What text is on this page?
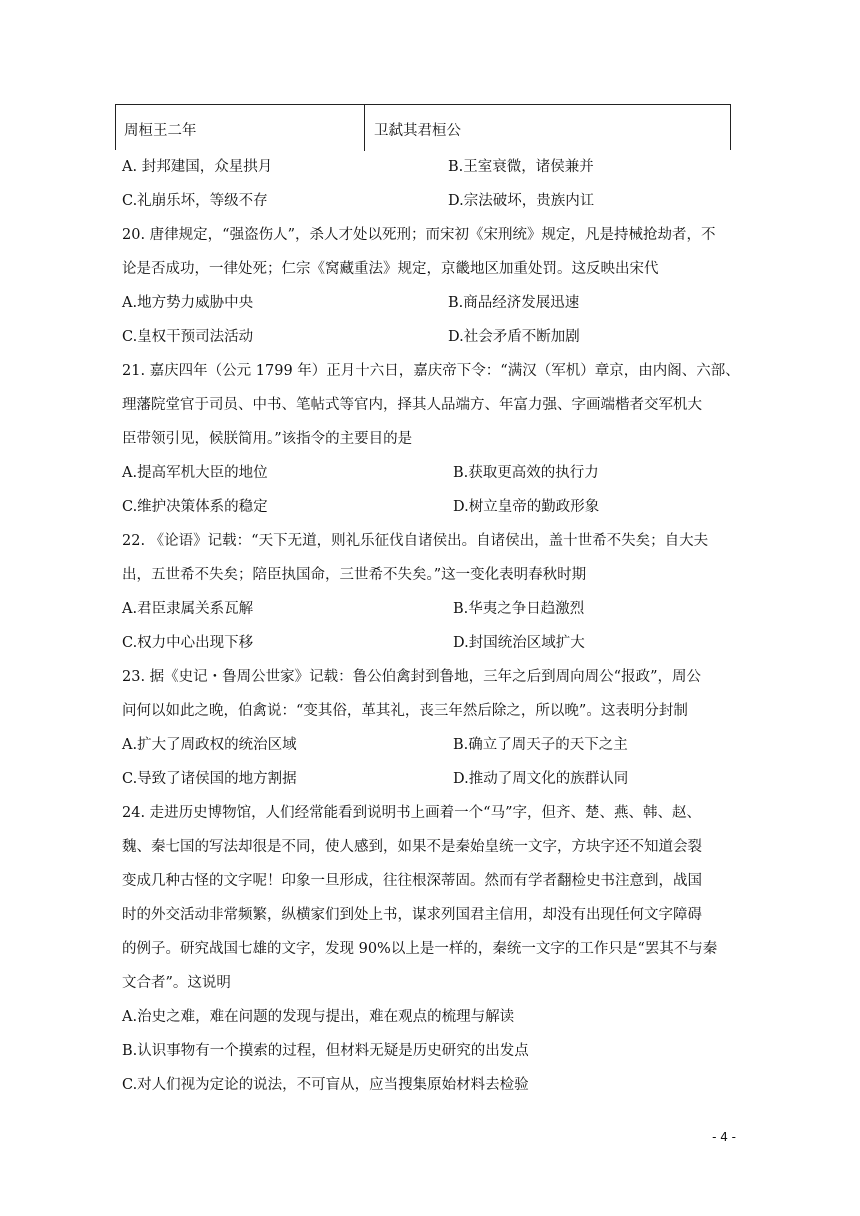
周桓王二年	卫弑其君桓公
A. 封邦建国，众星拱月	B.王室衰微，诸侯兼并
C.礼崩乐坏，等级不存	D.宗法破坏，贵族内讧
20. 唐律规定，“强盗伤人”，杀人才处以死刑；而宋初《宋刑统》规定，凡是持械抢劫者，不
论是否成功，一律处死；仁宗《窝藏重法》规定，京畿地区加重处罚。这反映出宋代
A.地方势力威胁中央	B.商品经济发展迅速
C.皇权干预司法活动	D.社会矛盾不断加剧
21. 嘉庆四年（公元 1799 年）正月十六日，嘉庆帝下令：“满汉（军机）章京，由内阁、六部、
理藩院堂官于司员、中书、笔帖式等官内，择其人品端方、年富力强、字画端楷者交军机大
臣带领引见，候朕简用。”该指令的主要目的是
A.提高军机大臣的地位	B.获取更高效的执行力
C.维护决策体系的稳定	D.树立皇帝的勤政形象
22. 《论语》记载：“天下无道，则礼乐征伐自诸侯出。自诸侯出，盖十世希不失矣；自大夫
出，五世希不失矣；陪臣执国命，三世希不失矣。”这一变化表明春秋时期
A.君臣隶属关系瓦解	B.华夷之争日趋激烈
C.权力中心出现下移	D.封国统治区域扩大
23. 据《史记・鲁周公世家》记载：鲁公伯禽封到鲁地，三年之后到周向周公“报政”，周公
问何以如此之晚，伯禽说：“变其俗，革其礼，丧三年然后除之，所以晚”。这表明分封制
A.扩大了周政权的统治区域	B.确立了周天子的天下之主
C.导致了诸侯国的地方割据	D.推动了周文化的族群认同
24. 走进历史博物馆，人们经常能看到说明书上画着一个“马”字，但齐、楚、燕、韩、赵、
魏、秦七国的写法却很是不同，使人感到，如果不是秦始皇统一文字，方块字还不知道会裂
变成几种古怪的文字呢！印象一旦形成，往往根深蒂固。然而有学者翻检史书注意到，战国
时的外交活动非常频繁，纵横家们到处上书，谋求列国君主信用，却没有出现任何文字障碍
的例子。研究战国七雄的文字，发现 90%以上是一样的，秦统一文字的工作只是“罢其不与秦
文合者”。这说明
A.治史之难，难在问题的发现与提出，难在观点的梳理与解读
B.认识事物有一个摸索的过程，但材料无疑是历史研究的出发点
C.对人们视为定论的说法，不可盲从，应当搜集原始材料去检验
- 4 -
